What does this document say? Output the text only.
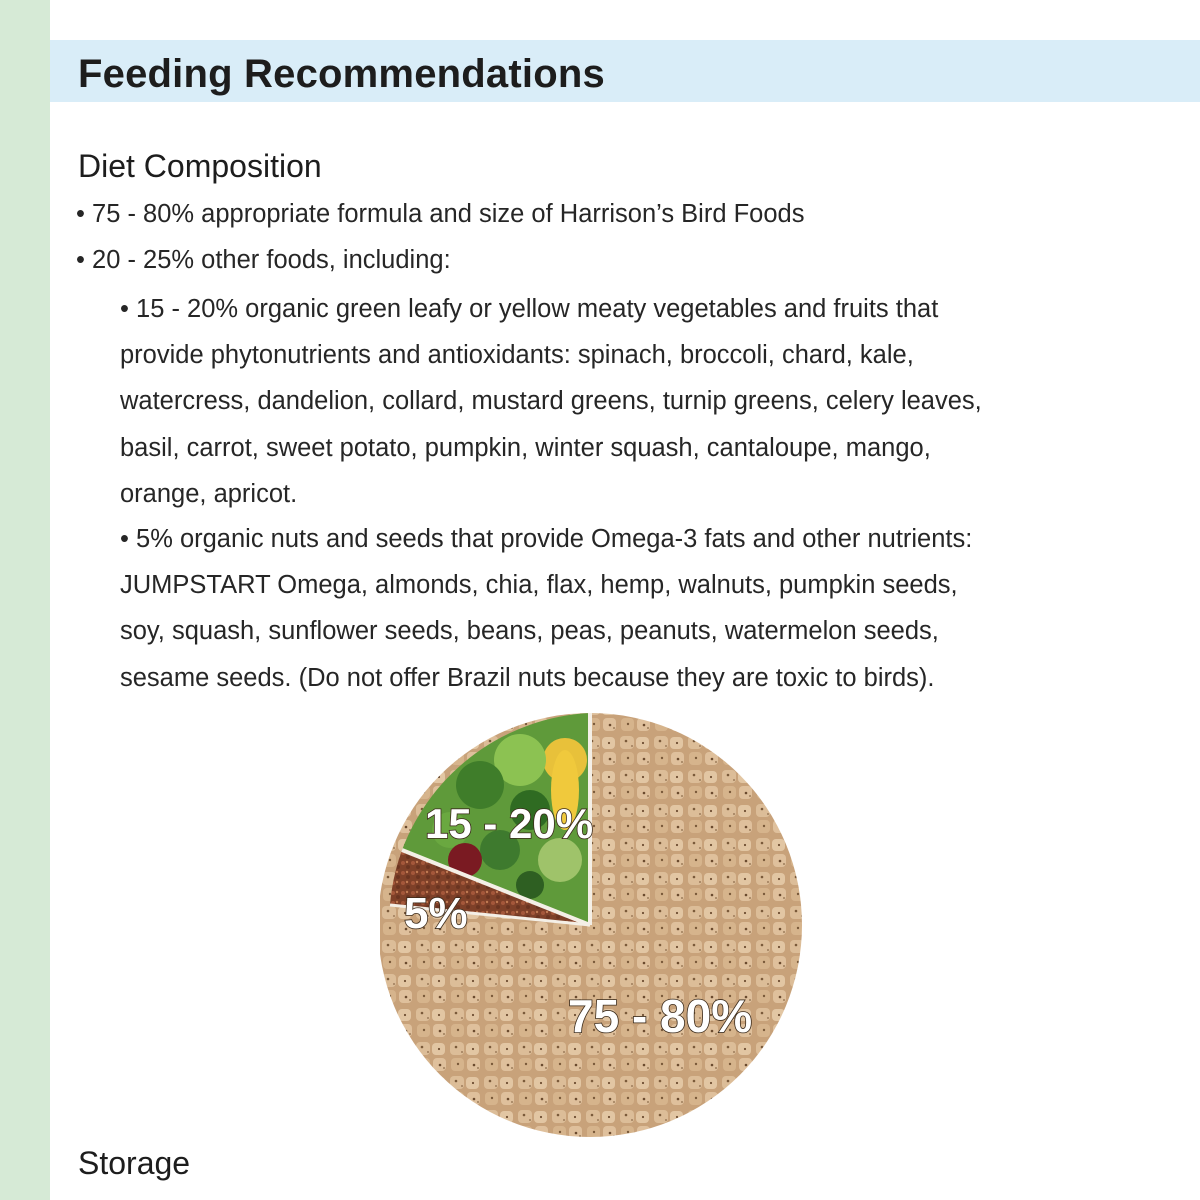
Feeding Recommendations
Diet Composition
• 75 - 80% appropriate formula and size of Harrison’s Bird Foods
• 20 - 25% other foods, including:
• 15 - 20% organic green leafy or yellow meaty vegetables and fruits that provide phytonutrients and antioxidants: spinach, broccoli, chard, kale, watercress, dandelion, collard, mustard greens, turnip greens, celery leaves, basil, carrot, sweet potato, pumpkin, winter squash, cantaloupe, mango, orange, apricot.
• 5% organic nuts and seeds that provide Omega-3 fats and other nutrients: JUMPSTART Omega, almonds, chia, flax, hemp, walnuts, pumpkin seeds, soy, squash, sunflower seeds, beans, peas, peanuts, watermelon seeds, sesame seeds. (Do not offer Brazil nuts because they are toxic to birds).
15 - 20%
5%
75 - 80%
Storage
